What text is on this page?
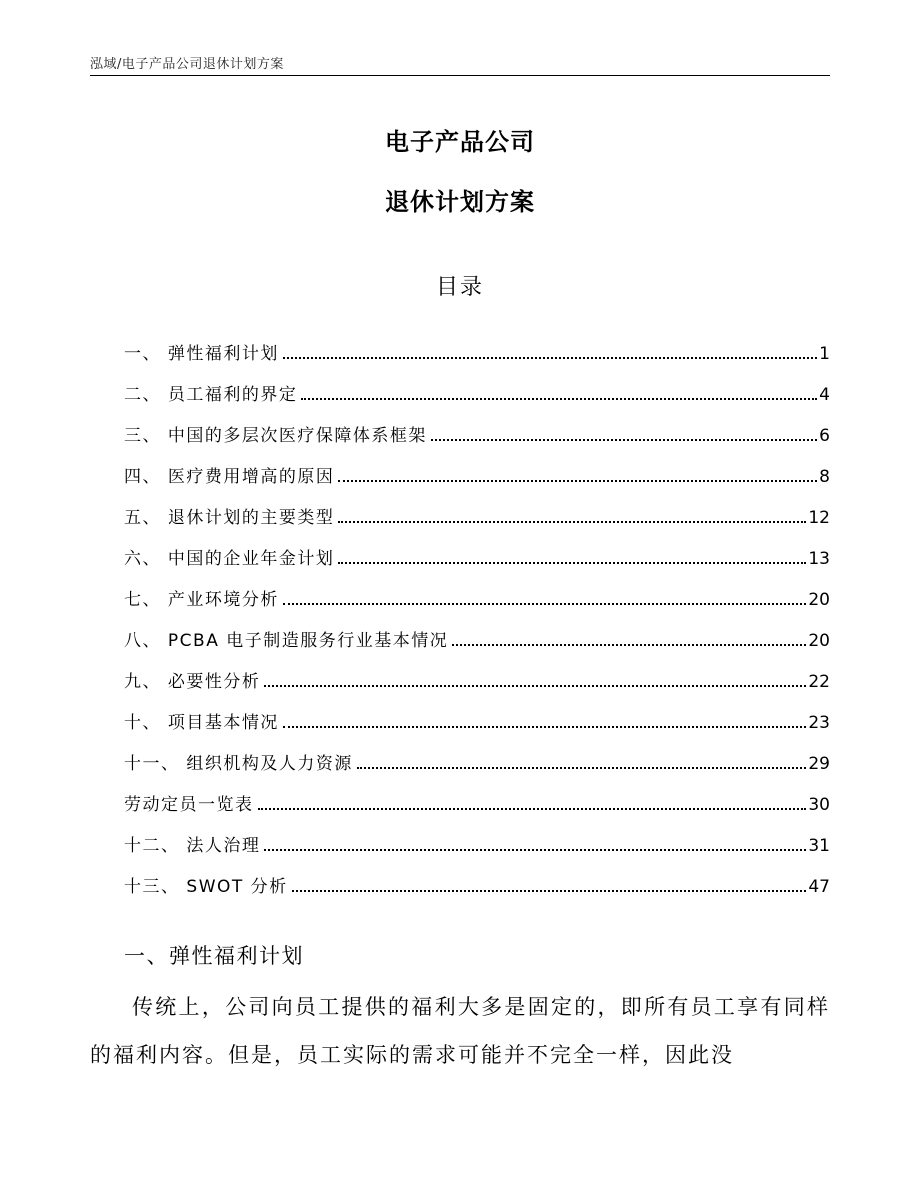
泓域/电子产品公司退休计划方案
电子产品公司
退休计划方案
目录
一、 弹性福利计划	1
二、 员工福利的界定	4
三、 中国的多层次医疗保障体系框架	6
四、 医疗费用增高的原因	8
五、 退休计划的主要类型	12
六、 中国的企业年金计划	13
七、 产业环境分析	20
八、 PCBA 电子制造服务行业基本情况	20
九、 必要性分析	22
十、 项目基本情况	23
十一、 组织机构及人力资源	29
劳动定员一览表	30
十二、 法人治理	31
十三、 SWOT 分析	47
一、弹性福利计划

传统上，公司向员工提供的福利大多是固定的，即所有员工享有同样的福利内容。但是，员工实际的需求可能并不完全一样，因此没
